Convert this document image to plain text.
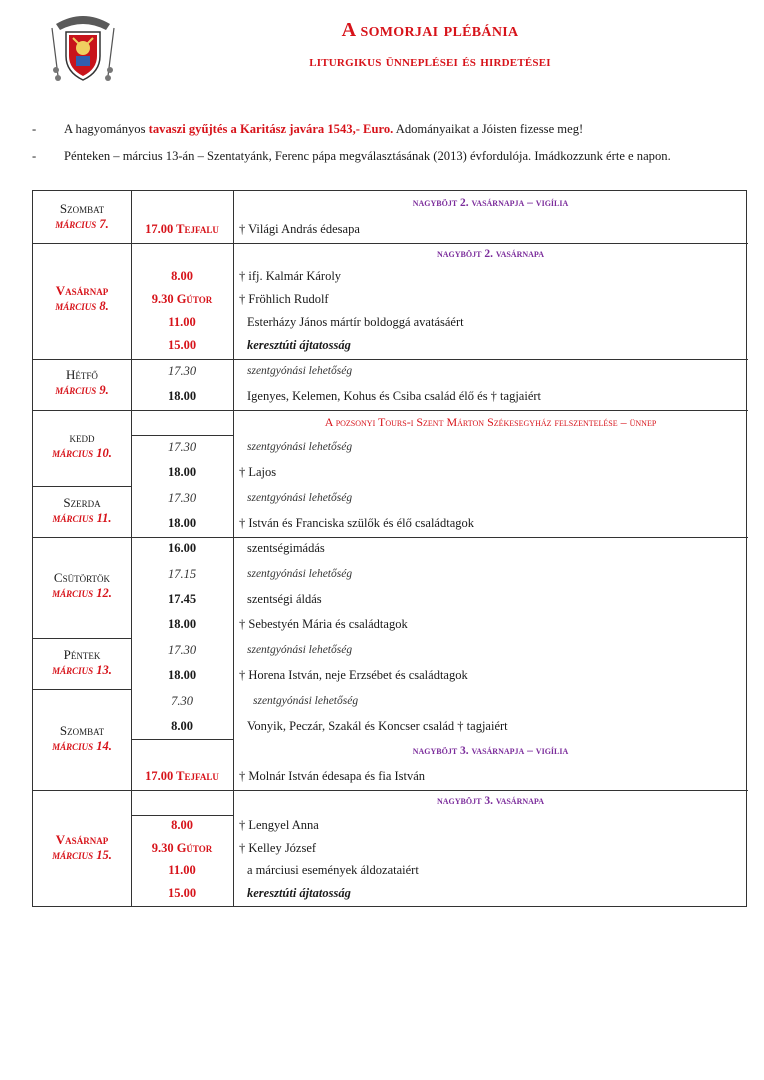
A somorjai plébánia
liturgikus ünneplései és hirdetései
- A hagyományos tavaszi gyűjtés a Karitász javára 1543,- Euro. Adományaikat a Jóisten fizesse meg!
- Pénteken – március 13-án – Szentatyánk, Ferenc pápa megválasztásának (2013) évfordulója. Imádkozzunk érte e napon.
Szombat
március 7.
Vasárnap
március 8.
Hétfő
március 9.
kedd
március 10.
Szerda
március 11.
Csütörtök
március 12.
Péntek
március 13.
Szombat
március 14.
Vasárnap
március 15.
nagyböjt 2. vasárnapja – vigília
nagyböjt 2. vasárnapa
A pozsonyi Tours-i Szent Márton Székesegyház felszentelése – ünnep
nagyböjt 3. vasárnapja – vigília
nagyböjt 3. vasárnapa
17.00 Tejfalu
8.00
9.30 Gútor
11.00
15.00
17.30
18.00
17.30
18.00
17.30
18.00
16.00
17.15
17.45
18.00
17.30
18.00
7.30
8.00
17.00 Tejfalu
8.00
9.30 Gútor
11.00
15.00
† Világi András édesapa
† ifj. Kalmár Károly
† Fröhlich Rudolf
Esterházy János mártír boldoggá avatásáért
keresztúti ájtatosság
szentgyónási lehetőség
Igenyes, Kelemen, Kohus és Csiba család élő és † tagjaiért
szentgyónási lehetőség
† Lajos
szentgyónási lehetőség
† István és Franciska szülők és élő családtagok
szentségimádás
szentgyónási lehetőség
szentségi áldás
† Sebestyén Mária és családtagok
szentgyónási lehetőség
† Horena István, neje Erzsébet és családtagok
szentgyónási lehetőség
Vonyik, Peczár, Szakál és Koncser család † tagjaiért
† Molnár István édesapa és fia István
† Lengyel Anna
† Kelley József
a márciusi események áldozataiért
keresztúti ájtatosság
